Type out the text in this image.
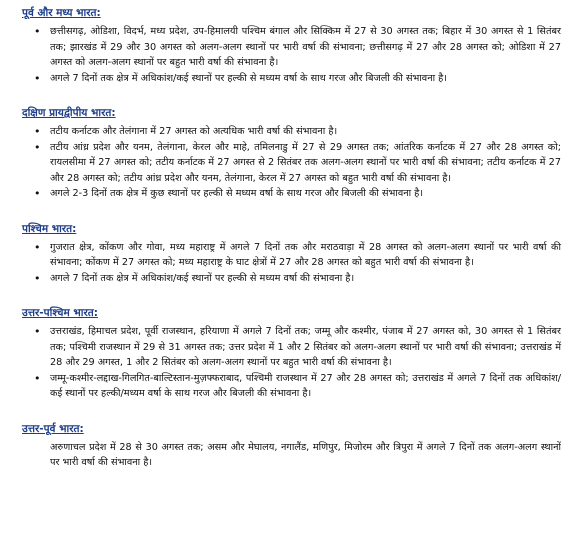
पूर्व और मध्य भारत:
• छत्तीसगढ़, ओडिशा, विदर्भ, मध्य प्रदेश, उप-हिमालयी पश्चिम बंगाल और सिक्किम में 27 से 30 अगस्त तक; बिहार में 30 अगस्त से 1 सितंबर तक; झारखंड में 29 और 30 अगस्त को अलग-अलग स्थानों पर भारी वर्षा की संभावना; छत्तीसगढ़ में 27 और 28 अगस्त को; ओडिशा में 27 अगस्त को अलग-अलग स्थानों पर बहुत भारी वर्षा की संभावना है।
• अगले 7 दिनों तक क्षेत्र में अधिकांश/कई स्थानों पर हल्की से मध्यम वर्षा के साथ गरज और बिजली की संभावना है।
दक्षिण प्रायद्वीपीय भारत:
• तटीय कर्नाटक और तेलंगाना में 27 अगस्त को अत्यधिक भारी वर्षा की संभावना है।
• तटीय आंध्र प्रदेश और यनम, तेलंगाना, केरल और माहे, तमिलनाडु में 27 से 29 अगस्त तक; आंतरिक कर्नाटक में 27 और 28 अगस्त को; रायलसीमा में 27 अगस्त को; तटीय कर्नाटक में 27 अगस्त से 2 सितंबर तक अलग-अलग स्थानों पर भारी वर्षा की संभावना; तटीय कर्नाटक में 27 और 28 अगस्त को; तटीय आंध्र प्रदेश और यनम, तेलंगाना, केरल में 27 अगस्त को बहुत भारी वर्षा की संभावना है।
• अगले 2-3 दिनों तक क्षेत्र में कुछ स्थानों पर हल्की से मध्यम वर्षा के साथ गरज और बिजली की संभावना है।
पश्चिम भारत:
• गुजरात क्षेत्र, कोंकण और गोवा, मध्य महाराष्ट्र में अगले 7 दिनों तक और मराठवाड़ा में 28 अगस्त को अलग-अलग स्थानों पर भारी वर्षा की संभावना; कोंकण में 27 अगस्त को; मध्य महाराष्ट्र के घाट क्षेत्रों में 27 और 28 अगस्त को बहुत भारी वर्षा की संभावना है।
• अगले 7 दिनों तक क्षेत्र में अधिकांश/कई स्थानों पर हल्की से मध्यम वर्षा की संभावना है।
उत्तर-पश्चिम भारत:
• उत्तराखंड, हिमाचल प्रदेश, पूर्वी राजस्थान, हरियाणा में अगले 7 दिनों तक; जम्मू और कश्मीर, पंजाब में 27 अगस्त को, 30 अगस्त से 1 सितंबर तक; पश्चिमी राजस्थान में 29 से 31 अगस्त तक; उत्तर प्रदेश में 1 और 2 सितंबर को अलग-अलग स्थानों पर भारी वर्षा की संभावना; उत्तराखंड में 28 और 29 अगस्त, 1 और 2 सितंबर को अलग-अलग स्थानों पर बहुत भारी वर्षा की संभावना है।
• जम्मू-कश्मीर-लद्दाख-गिलगित-बाल्टिस्तान-मुज़फ्फराबाद, पश्चिमी राजस्थान में 27 और 28 अगस्त को; उत्तराखंड में अगले 7 दिनों तक अधिकांश/कई स्थानों पर हल्की/मध्यम वर्षा के साथ गरज और बिजली की संभावना है।
उत्तर-पूर्व भारत:
• अरुणाचल प्रदेश में 28 से 30 अगस्त तक; असम और मेघालय, नगालैंड, मणिपुर, मिजोरम और त्रिपुरा में अगले 7 दिनों तक अलग-अलग स्थानों पर भारी वर्षा की संभावना है।
